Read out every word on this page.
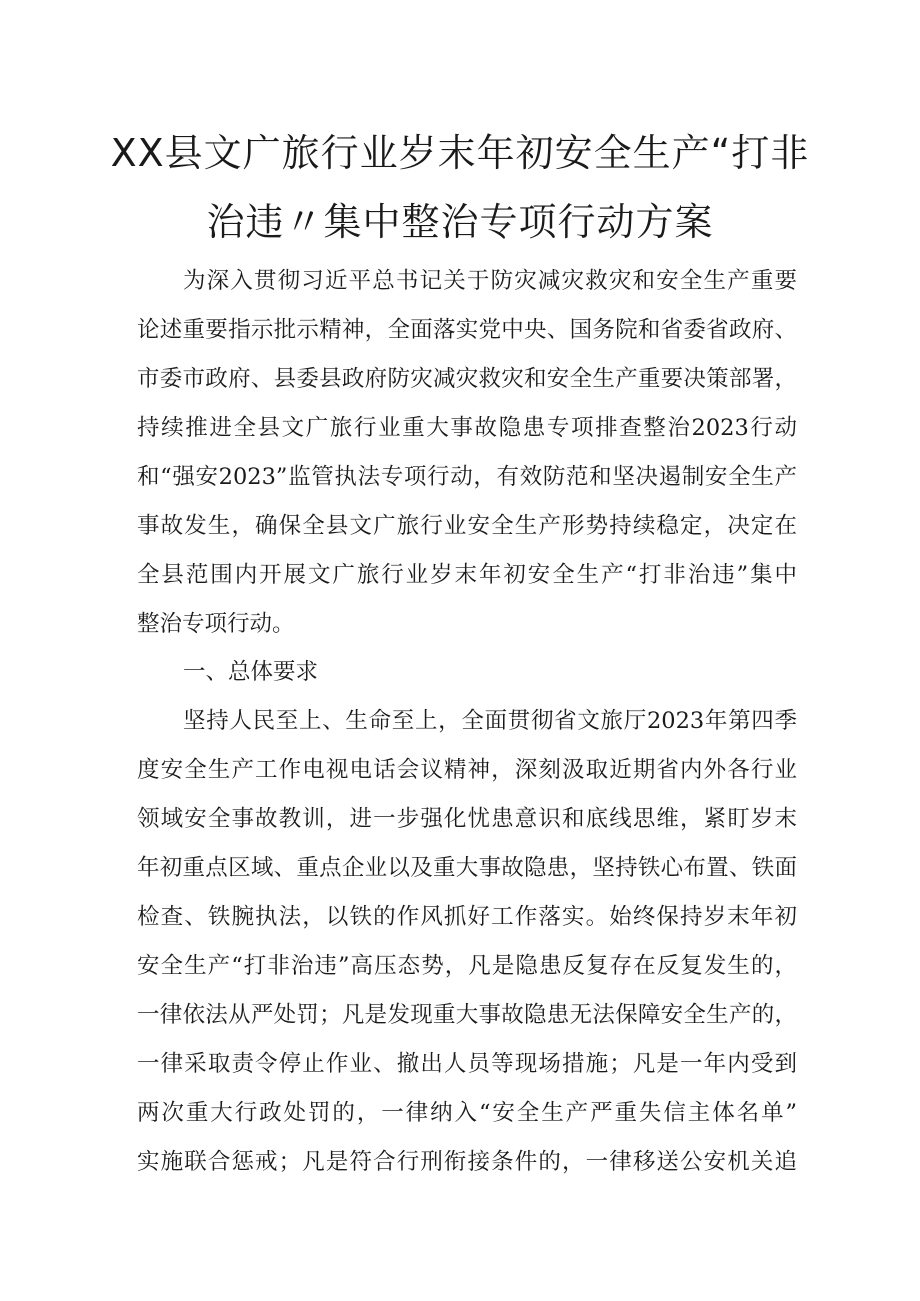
XX县文广旅行业岁末年初安全生产“打非
治违〃集中整治专项行动方案

为深入贯彻习近平总书记关于防灾减灾救灾和安全生产重要

论述重要指示批示精神，全面落实党中央、国务院和省委省政府、

市委市政府、县委县政府防灾减灾救灾和安全生产重要决策部署，

持续推进全县文广旅行业重大事故隐患专项排查整治2023行动

和“强安2023”监管执法专项行动，有效防范和坚决遏制安全生产

事故发生，确保全县文广旅行业安全生产形势持续稳定，决定在

全县范围内开展文广旅行业岁末年初安全生产“打非治违”集中

整治专项行动。

一、总体要求

坚持人民至上、生命至上，全面贯彻省文旅厅2023年第四季

度安全生产工作电视电话会议精神，深刻汲取近期省内外各行业

领域安全事故教训，进一步强化忧患意识和底线思维，紧盯岁末

年初重点区域、重点企业以及重大事故隐患，坚持铁心布置、铁面

检查、铁腕执法，以铁的作风抓好工作落实。始终保持岁末年初

安全生产“打非治违”高压态势，凡是隐患反复存在反复发生的，

一律依法从严处罚；凡是发现重大事故隐患无法保障安全生产的，

一律采取责令停止作业、撤出人员等现场措施；凡是一年内受到

两次重大行政处罚的，一律纳入“安全生产严重失信主体名单”

实施联合惩戒；凡是符合行刑衔接条件的，一律移送公安机关追
